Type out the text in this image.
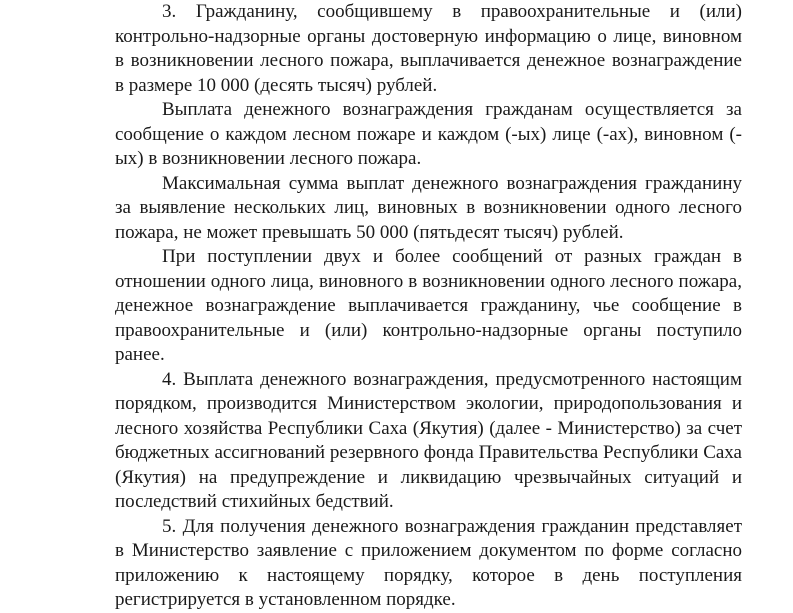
3. Гражданину, сообщившему в правоохранительные и (или) контрольно-надзорные органы достоверную информацию о лице, виновном в возникновении лесного пожара, выплачивается денежное вознаграждение в размере 10 000 (десять тысяч) рублей.

Выплата денежного вознаграждения гражданам осуществляется за сообщение о каждом лесном пожаре и каждом (-ых) лице (-ах), виновном (-ых) в возникновении лесного пожара.

Максимальная сумма выплат денежного вознаграждения гражданину за выявление нескольких лиц, виновных в возникновении одного лесного пожара, не может превышать 50 000 (пятьдесят тысяч) рублей.

При поступлении двух и более сообщений от разных граждан в отношении одного лица, виновного в возникновении одного лесного пожара, денежное вознаграждение выплачивается гражданину, чье сообщение в правоохранительные и (или) контрольно-надзорные органы поступило ранее.

4. Выплата денежного вознаграждения, предусмотренного настоящим порядком, производится Министерством экологии, природопользования и лесного хозяйства Республики Саха (Якутия) (далее - Министерство) за счет бюджетных ассигнований резервного фонда Правительства Республики Саха (Якутия) на предупреждение и ликвидацию чрезвычайных ситуаций и последствий стихийных бедствий.

5. Для получения денежного вознаграждения гражданин представляет в Министерство заявление с приложением документом по форме согласно приложению к настоящему порядку, которое в день поступления регистрируется в установленном порядке.
